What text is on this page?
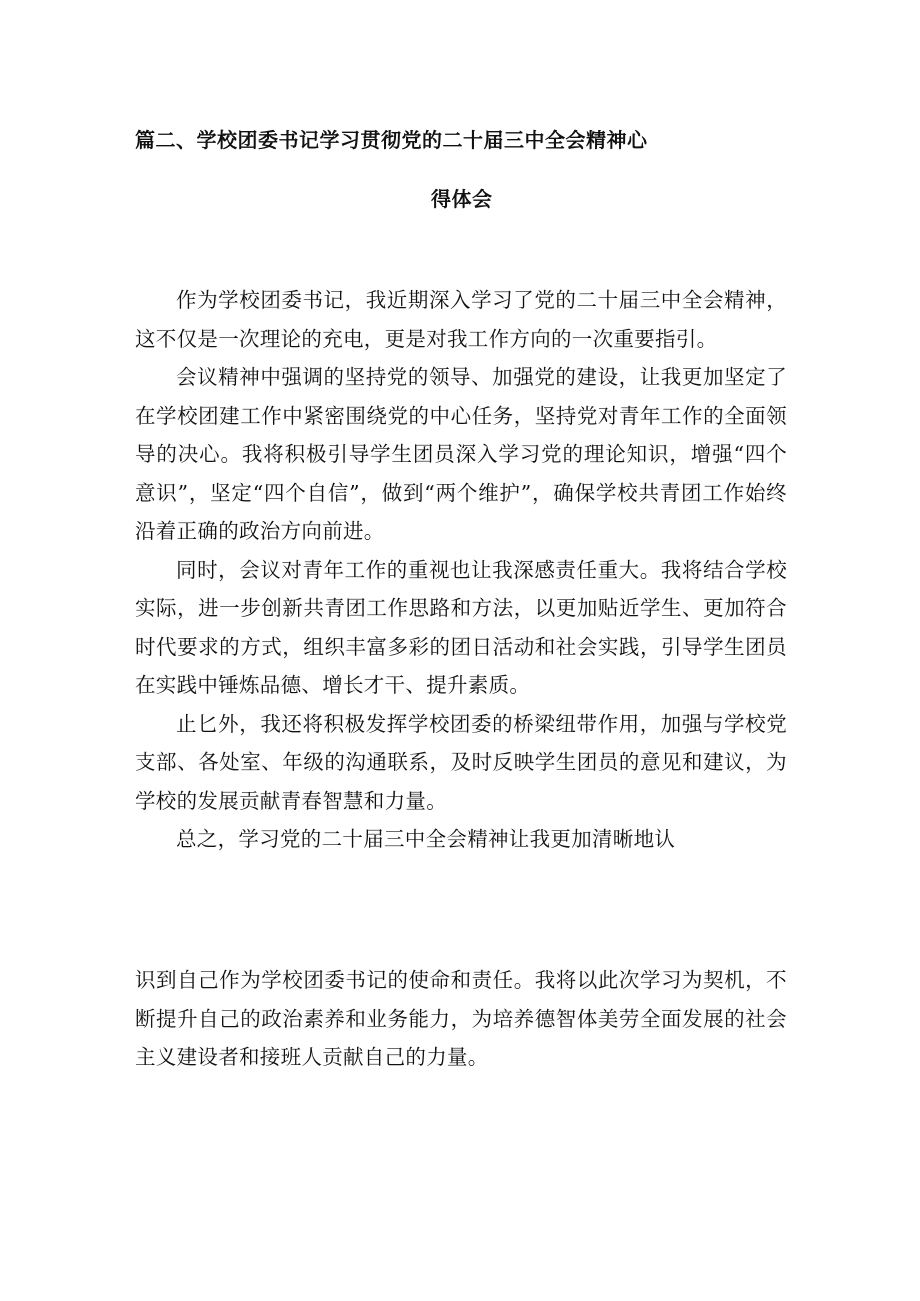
篇二、学校团委书记学习贯彻党的二十届三中全会精神心
得体会

作为学校团委书记，我近期深入学习了党的二十届三中全会精神，这不仅是一次理论的充电，更是对我工作方向的一次重要指引。

会议精神中强调的坚持党的领导、加强党的建设，让我更加坚定了在学校团建工作中紧密围绕党的中心任务，坚持党对青年工作的全面领导的决心。我将积极引导学生团员深入学习党的理论知识，增强“四个意识”，坚定“四个自信”，做到“两个维护”，确保学校共青团工作始终沿着正确的政治方向前进。

同时，会议对青年工作的重视也让我深感责任重大。我将结合学校实际，进一步创新共青团工作思路和方法，以更加贴近学生、更加符合时代要求的方式，组织丰富多彩的团日活动和社会实践，引导学生团员在实践中锤炼品德、增长才干、提升素质。

止匕外，我还将积极发挥学校团委的桥梁纽带作用，加强与学校党支部、各处室、年级的沟通联系，及时反映学生团员的意见和建议，为学校的发展贡献青春智慧和力量。

总之，学习党的二十届三中全会精神让我更加清晰地认

识到自己作为学校团委书记的使命和责任。我将以此次学习为契机，不断提升自己的政治素养和业务能力，为培养德智体美劳全面发展的社会主义建设者和接班人贡献自己的力量。
